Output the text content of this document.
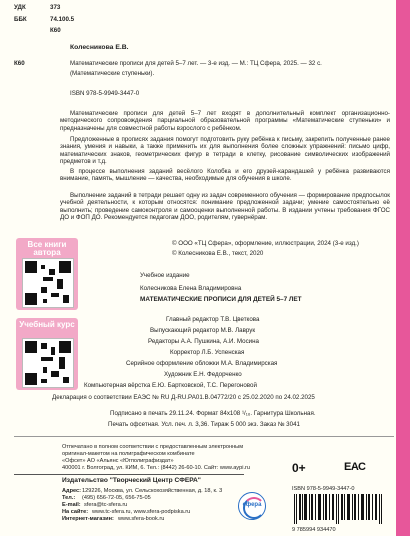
УДК	373
ББК	74.100.5
К60
Колесникова Е.В.
К60	Математические прописи для детей 5–7 лет. — 3-е изд. — М.: ТЦ Сфера, 2025. — 32 с.
(Математические ступеньки).
ISBN 978-5-9949-3447-0
Математические прописи для детей 5–7 лет входят в дополнительный комплект организационно-методического сопровождения парциальной образовательной программы «Математические ступеньки» и предназначены для совместной работы взрослого с ребёнком.
Предложенные в прописях задания помогут подготовить руку ребёнка к письму, закрепить полученные ранее знания, умения и навыки, а также применить их для выполнения более сложных упражнений: письмо цифр, математических знаков, геометрических фигур в тетради в клетку, рисование символических изображений предметов и т.д.
В процессе выполнения заданий весёлого Колобка и его друзей-карандашей у ребёнка развиваются внимание, память, мышление — качества, необходимые для обучения в школе.
Выполнение заданий в тетради решает одну из задач современного обучения — формирование предпосылок учебной деятельности, к которым относятся: понимание предложенной задачи; умение самостоятельно её выполнить; проведение самоконтроля и самооценки выполненной работы. В издании учтены требования ФГОС ДО и ФОП ДО. Рекомендуется педагогам ДОО, родителям, гувернёрам.
Все книги автора
Учебный курс
© ООО «ТЦ Сфера», оформление, иллюстрации, 2024 (3-е изд.)
© Колесникова Е.В., текст, 2020
Учебное издание
Колесникова Елена Владимировна
МАТЕМАТИЧЕСКИЕ ПРОПИСИ ДЛЯ ДЕТЕЙ 5–7 ЛЕТ
Главный редактор Т.В. Цветкова
Выпускающий редактор М.В. Лаврук
Редакторы А.А. Пушкина, А.И. Мосина
Корректор Л.Б. Успенская
Серийное оформление обложки М.А. Владимирская
Художник Е.Н. Федорченко
Компьютерная вёрстка Е.Ю. Бартковской, Т.С. Перегоновой
Декларация о соответствии ЕАЭС № RU Д-RU.РА01.В.04772/20 с 25.02.2020 по 24.02.2025
Подписано в печать 29.11.24. Формат 84х108 ¹/₁₆. Гарнитура Школьная.
Печать офсетная. Усл. печ. л. 3,36. Тираж 5 000 экз. Заказ № 3041
Отпечатано в полном соответствии с предоставленным электронным
оригинал-макетом на полиграфическом комбинате
«Офсет» АО «Альянс «Югполиграфиздат»
400001 г. Волгоград, ул. КИМ, 6. Тел.: (8442) 26-60-10. Сайт: www.aypi.ru
Издательство "Творческий Центр СФЕРА"
Адрес: 129226, Москва, ул. Сельскохозяйственная, д. 18, к. 3
Тел.: (495) 656-72-05, 656-75-05
E-mail: sfera@tc-sfera.ru
На сайте: www.tc-sfera.ru, www.sfera-podpiska.ru
Интернет-магазин: www.sfera-book.ru
сфера
0+	ЕАС
ISBN 978-5-9949-3447-0
9 785994 934470
